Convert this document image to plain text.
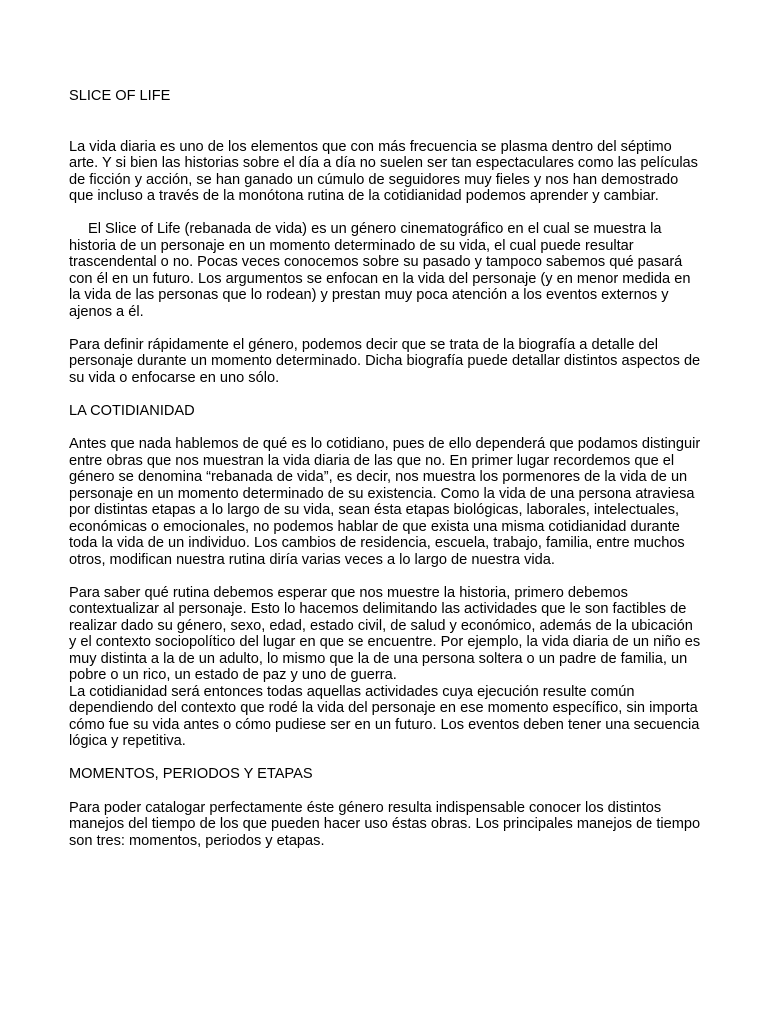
SLICE OF LIFE

La vida diaria es uno de los elementos que con más frecuencia se plasma dentro del séptimo arte. Y si bien las historias sobre el día a día no suelen ser tan espectaculares como las películas de ficción y acción, se han ganado un cúmulo de seguidores muy fieles y nos han demostrado que incluso a través de la monótona rutina de la cotidianidad podemos aprender y cambiar.

El Slice of Life (rebanada de vida) es un género cinematográfico en el cual se muestra la historia de un personaje en un momento determinado de su vida, el cual puede resultar trascendental o no. Pocas veces conocemos sobre su pasado y tampoco sabemos qué pasará con él en un futuro. Los argumentos se enfocan en la vida del personaje (y en menor medida en la vida de las personas que lo rodean) y prestan muy poca atención a los eventos externos y ajenos a él.

Para definir rápidamente el género, podemos decir que se trata de la biografía a detalle del personaje durante un momento determinado. Dicha biografía puede detallar distintos aspectos de su vida o enfocarse en uno sólo.

LA COTIDIANIDAD

Antes que nada hablemos de qué es lo cotidiano, pues de ello dependerá que podamos distinguir entre obras que nos muestran la vida diaria de las que no. En primer lugar recordemos que el género se denomina “rebanada de vida”, es decir, nos muestra los pormenores de la vida de un personaje en un momento determinado de su existencia. Como la vida de una persona atraviesa por distintas etapas a lo largo de su vida, sean ésta etapas biológicas, laborales, intelectuales, económicas o emocionales, no podemos hablar de que exista una misma cotidianidad durante toda la vida de un individuo. Los cambios de residencia, escuela, trabajo, familia, entre muchos otros, modifican nuestra rutina diría varias veces a lo largo de nuestra vida.

Para saber qué rutina debemos esperar que nos muestre la historia, primero debemos contextualizar al personaje. Esto lo hacemos delimitando las actividades que le son factibles de realizar dado su género, sexo, edad, estado civil, de salud y económico, además de la ubicación y el contexto sociopolítico del lugar en que se encuentre. Por ejemplo, la vida diaria de un niño es muy distinta a la de un adulto, lo mismo que la de una persona soltera o un padre de familia, un pobre o un rico, un estado de paz y uno de guerra.

La cotidianidad será entonces todas aquellas actividades cuya ejecución resulte común dependiendo del contexto que rodé la vida del personaje en ese momento específico, sin importa cómo fue su vida antes o cómo pudiese ser en un futuro. Los eventos deben tener una secuencia lógica y repetitiva.

MOMENTOS, PERIODOS Y ETAPAS

Para poder catalogar perfectamente éste género resulta indispensable conocer los distintos manejos del tiempo de los que pueden hacer uso éstas obras. Los principales manejos de tiempo son tres: momentos, periodos y etapas.
